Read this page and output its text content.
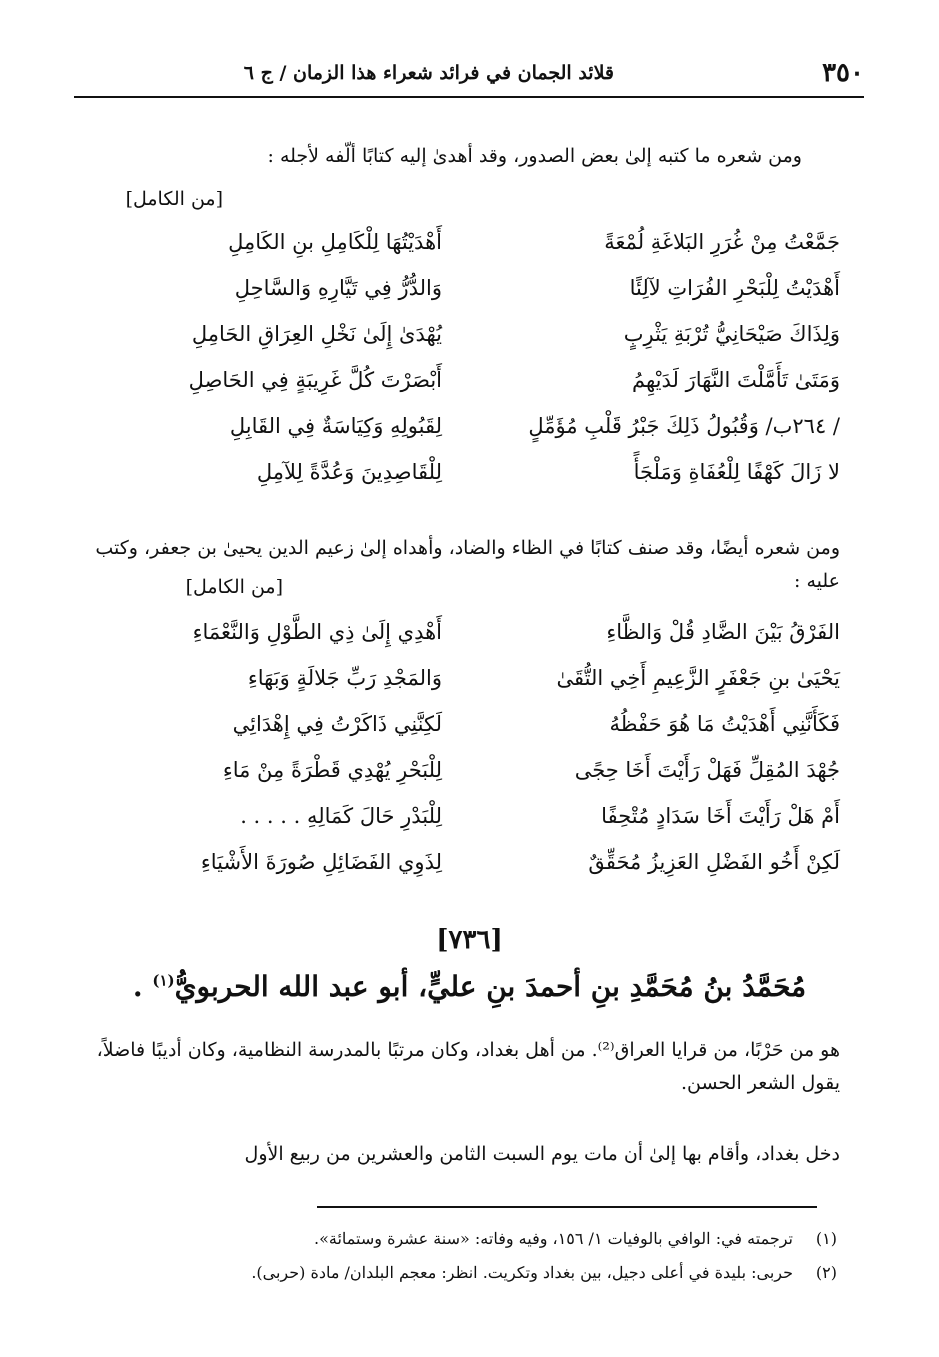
٣٥٠
قلائد الجمان في فرائد شعراء هذا الزمان / ج ٦

ومن شعره ما كتبه إلىٰ بعض الصدور، وقد أهدىٰ إليه كتابًا ألّفه لأجله :

[من الكامل]
جَمَّعْتُ مِنْ غُرَرِ البَلاغَةِ لُمْعَةً
أَهْدَيْتُهَا لِلْكَامِلِ بنِ الكَامِلِ
أَهْدَيْتُ لِلْبَحْرِ الفُرَاتِ لآلِئًا
وَالدُّرُّ فِي تَيَّارِهِ وَالسَّاحِلِ
وَلِذَاكَ صَيْحَانِيُّ تُرْبَةِ يَثْرِبٍ
يُهْدَىٰ إِلَىٰ نَخْلِ العِرَاقِ الحَامِلِ
وَمَتَىٰ تَأَمَّلْتَ النَّهَارَ لَدَيْهِمُ
أَبْصَرْتَ كُلَّ غَرِيبَةٍ فِي الحَاصِلِ
/ ٢٦٤ب/ وَقُبُولُ ذَلِكَ جَبْرُ قَلْبِ مُؤَمِّلٍ
لِقَبُولِهِ وَكِيَاسَةٌ فِي القَابِلِ
لا زَالَ كَهْفًا لِلْعُفَاةِ وَمَلْجَأً
لِلْقَاصِدِينَ وَعُدَّةً لِلآمِلِ

ومن شعره أيضًا، وقد صنف كتابًا في الظاء والضاد، وأهداه إلىٰ زعيم الدين يحيىٰ بن جعفر، وكتب عليه :

[من الكامل]
الفَرْقُ بَيْنَ الضَّادِ قُلْ وَالظَّاءِ
أَهْدِي إِلَىٰ ذِي الطَّوْلِ وَالنَّعْمَاءِ
يَحْيَىٰ بنِ جَعْفَرٍ الزَّعِيمِ أَخِي التُّقَىٰ
وَالمَجْدِ رَبِّ جَلالَةٍ وَبَهَاءِ
فَكَأَنَّنِي أَهْدَيْتُ مَا هُوَ حَفْظُهُ
لَكِنَّنِي ذَاكَرْتُ فِي إِهْدَائِي
جُهْدَ المُقِلِّ فَهَلْ رَأَيْتَ أَخَا حِجًى
لِلْبَحْرِ يُهْدِي قَطْرَةً مِنْ مَاءِ
أَمْ هَلْ رَأَيْتَ أَخَا سَدَادٍ مُتْحِفًا
لِلْبَدْرِ حَالَ كَمَالِهِ . . . . .
لَكِنْ أَخُو الفَضْلِ العَزِيزُ مُحَقِّقٌ
لِذَوِي الفَضَائِلِ صُورَةَ الأَشْيَاءِ
[٧٣٦]
مُحَمَّدُ بنُ مُحَمَّدِ بنِ أحمدَ بنِ عليٍّ، أبو عبد الله الحربويُّ$^{(١)}$ .

هو من حَرْبًا، من قرايا العراق⁽²⁾. من أهل بغداد، وكان مرتبًا بالمدرسة النظامية، وكان أديبًا فاضلاً، يقول الشعر الحسن.

دخل بغداد، وأقام بها إلىٰ أن مات يوم السبت الثامن والعشرين من ربيع الأول

(١)ترجمته في: الوافي بالوفيات ١/ ١٥٦، وفيه وفاته: «سنة عشرة وستمائة».
(٢)حربى: بليدة في أعلى دجيل، بين بغداد وتكريت. انظر: معجم البلدان/ مادة (حربى).
